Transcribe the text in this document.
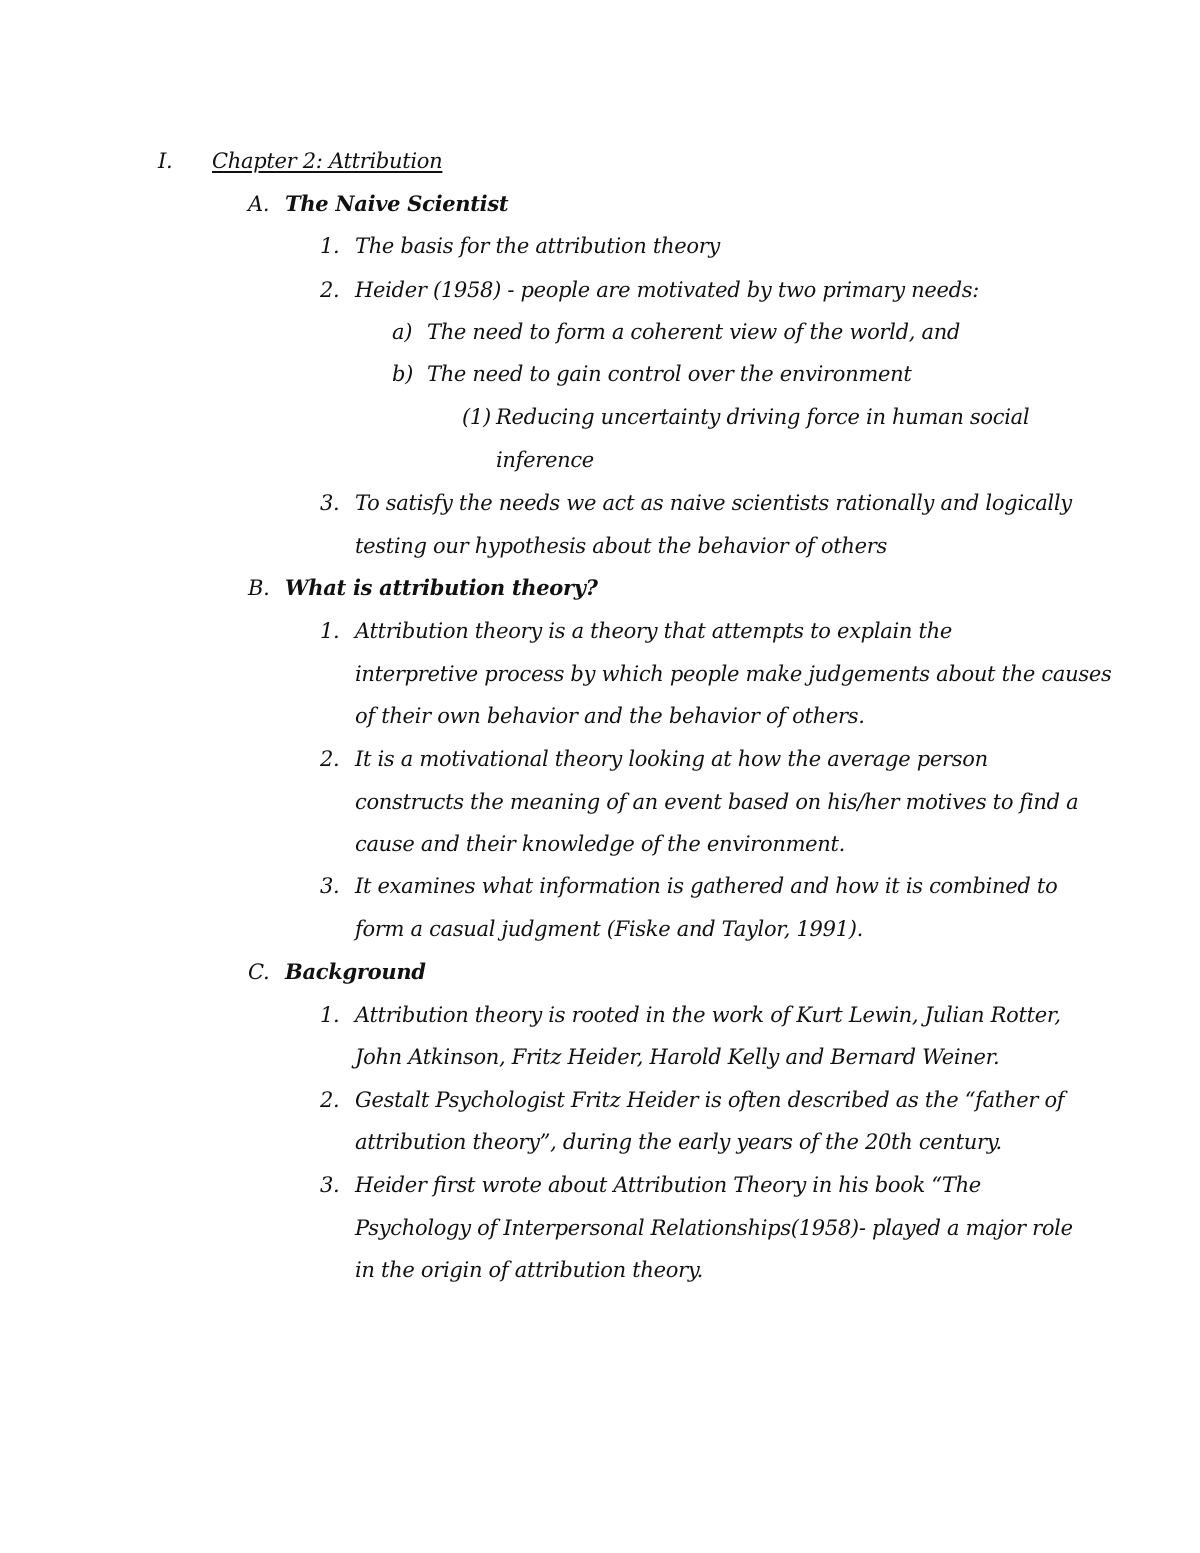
I. Chapter 2: Attribution
A. The Naive Scientist
1. The basis for the attribution theory
2. Heider (1958) - people are motivated by two primary needs:
a) The need to form a coherent view of the world, and
b) The need to gain control over the environment
(1) Reducing uncertainty driving force in human social
inference
3. To satisfy the needs we act as naive scientists rationally and logically
testing our hypothesis about the behavior of others
B. What is attribution theory?
1. Attribution theory is a theory that attempts to explain the
interpretive process by which people make judgements about the causes
of their own behavior and the behavior of others.
2. It is a motivational theory looking at how the average person
constructs the meaning of an event based on his/her motives to find a
cause and their knowledge of the environment.
3. It examines what information is gathered and how it is combined to
form a casual judgment (Fiske and Taylor, 1991).
C. Background
1. Attribution theory is rooted in the work of Kurt Lewin, Julian Rotter,
John Atkinson, Fritz Heider, Harold Kelly and Bernard Weiner.
2. Gestalt Psychologist Fritz Heider is often described as the “father of
attribution theory”, during the early years of the 20th century.
3. Heider first wrote about Attribution Theory in his book “The
Psychology of Interpersonal Relationships(1958)- played a major role
in the origin of attribution theory.
